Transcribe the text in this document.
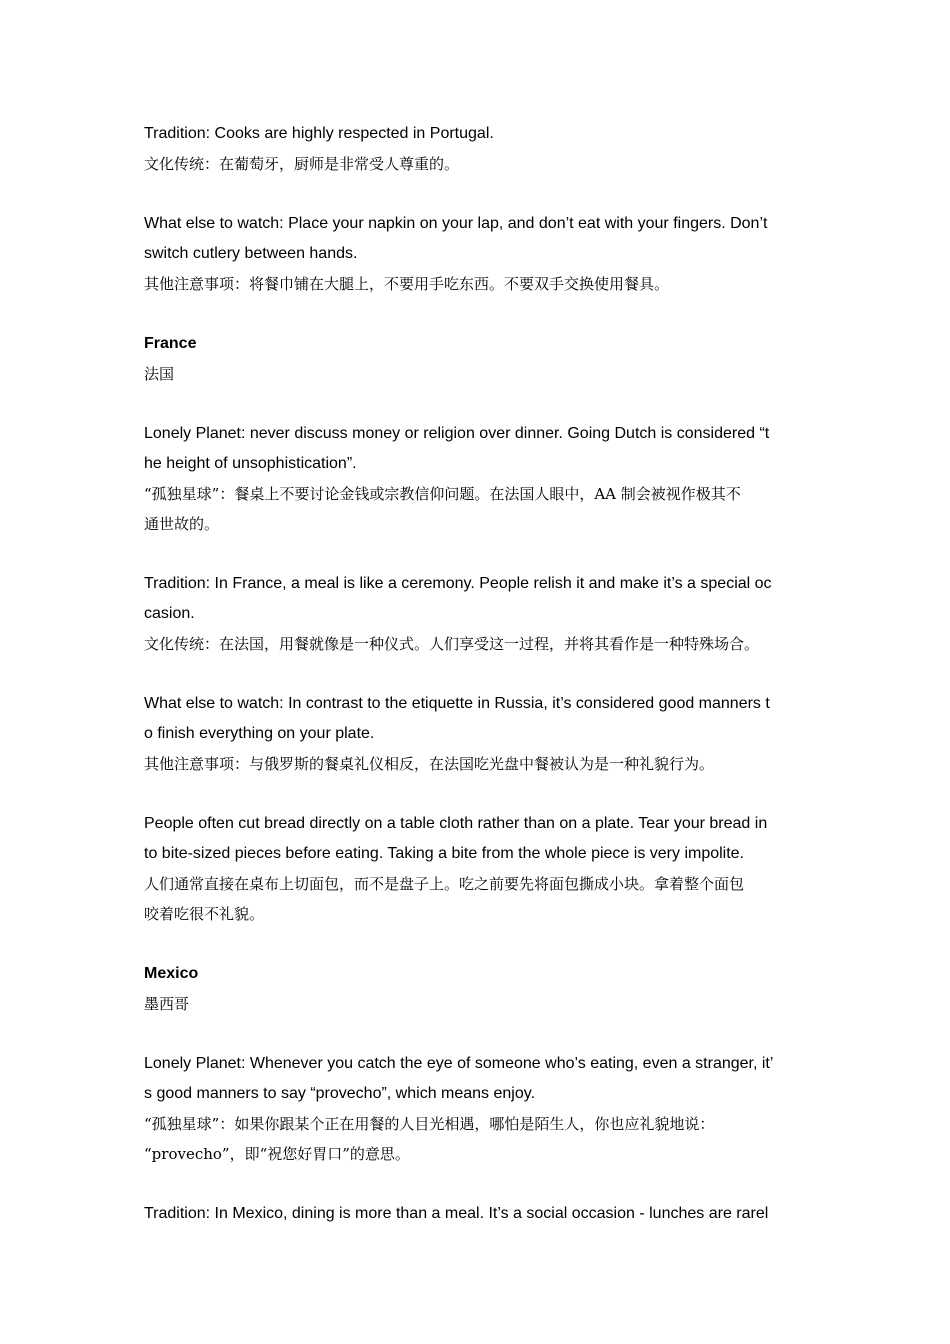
Tradition: Cooks are highly respected in Portugal.
文化传统：在葡萄牙，厨师是非常受人尊重的。
What else to watch: Place your napkin on your lap, and don’t eat with your fingers. Don’t
switch cutlery between hands.
其他注意事项：将餐巾铺在大腿上，不要用手吃东西。不要双手交换使用餐具。
France
法国
Lonely Planet: never discuss money or religion over dinner. Going Dutch is considered “t
he height of unsophistication”.
“孤独星球”：餐桌上不要讨论金钱或宗教信仰问题。在法国人眼中，AA 制会被视作极其不
通世故的。
Tradition: In France, a meal is like a ceremony. People relish it and make it’s a special oc
casion.
文化传统：在法国，用餐就像是一种仪式。人们享受这一过程，并将其看作是一种特殊场合。
What else to watch: In contrast to the etiquette in Russia, it’s considered good manners t
o finish everything on your plate.
其他注意事项：与俄罗斯的餐桌礼仪相反，在法国吃光盘中餐被认为是一种礼貌行为。
People often cut bread directly on a table cloth rather than on a plate. Tear your bread in
to bite-sized pieces before eating. Taking a bite from the whole piece is very impolite.
人们通常直接在桌布上切面包，而不是盘子上。吃之前要先将面包撕成小块。拿着整个面包
咬着吃很不礼貌。
Mexico
墨西哥
Lonely Planet: Whenever you catch the eye of someone who’s eating, even a stranger, it’
s good manners to say “provecho”, which means enjoy.
“孤独星球”：如果你跟某个正在用餐的人目光相遇，哪怕是陌生人，你也应礼貌地说：
“provecho”，即“祝您好胃口”的意思。
Tradition: In Mexico, dining is more than a meal. It’s a social occasion - lunches are rarel
